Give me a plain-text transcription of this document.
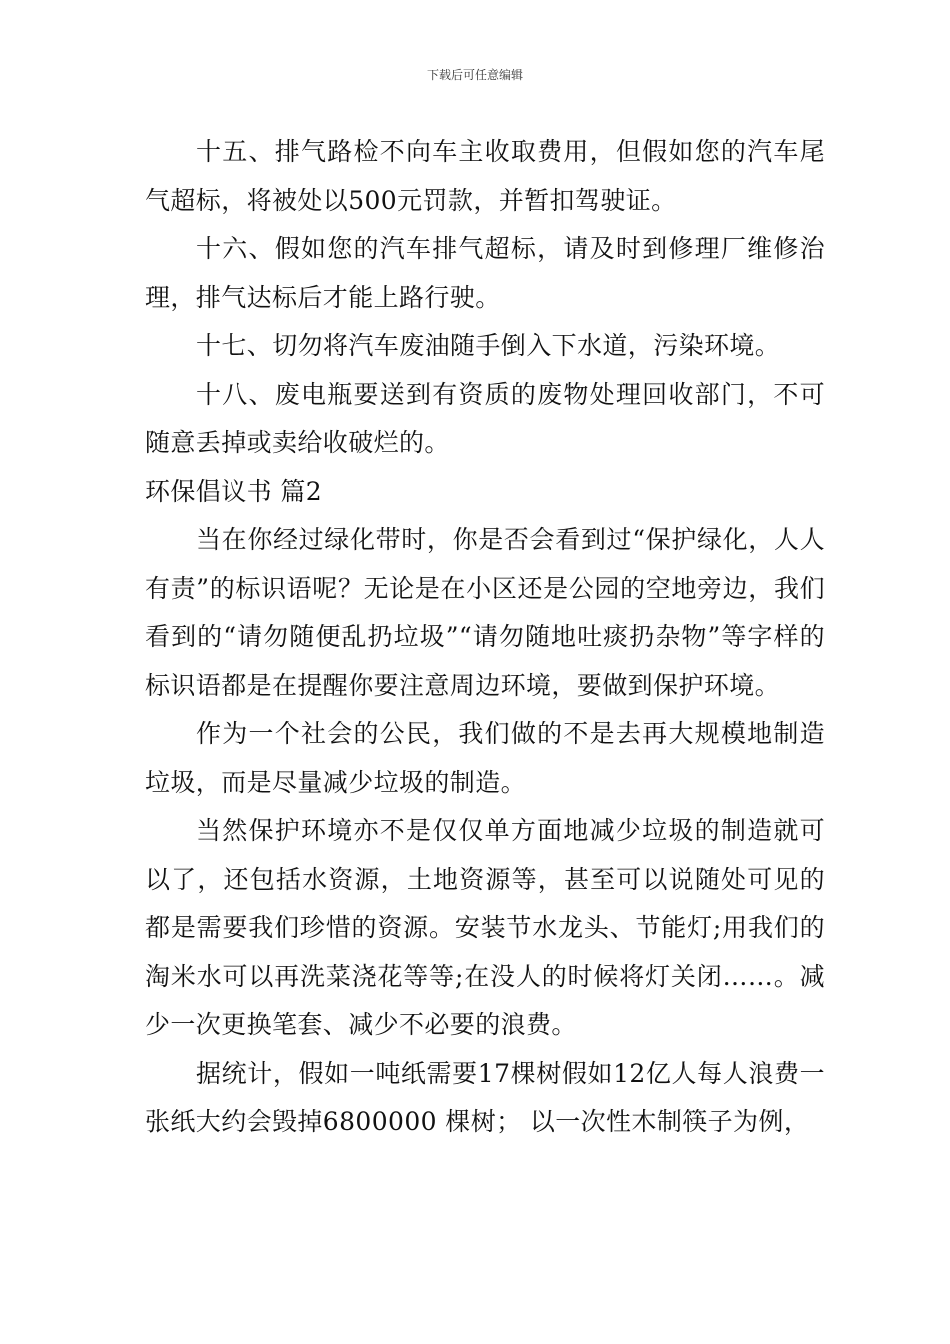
下载后可任意编辑

十五、排气路检不向车主收取费用，但假如您的汽车尾气超标，将被处以500元罚款，并暂扣驾驶证。

十六、假如您的汽车排气超标，请及时到修理厂维修治理，排气达标后才能上路行驶。

十七、切勿将汽车废油随手倒入下水道，污染环境。

十八、废电瓶要送到有资质的废物处理回收部门，不可随意丢掉或卖给收破烂的。

环保倡议书 篇2

当在你经过绿化带时，你是否会看到过“保护绿化，人人有责”的标识语呢？无论是在小区还是公园的空地旁边，我们看到的“请勿随便乱扔垃圾”“请勿随地吐痰扔杂物”等字样的标识语都是在提醒你要注意周边环境，要做到保护环境。

作为一个社会的公民，我们做的不是去再大规模地制造垃圾，而是尽量减少垃圾的制造。

当然保护环境亦不是仅仅单方面地减少垃圾的制造就可以了，还包括水资源，土地资源等，甚至可以说随处可见的都是需要我们珍惜的资源。安装节水龙头、节能灯;用我们的淘米水可以再洗菜浇花等等;在没人的时候将灯关闭……。减少一次更换笔套、减少不必要的浪费。

据统计，假如一吨纸需要17棵树假如12亿人每人浪费一张纸大约会毁掉6800000 棵树； 以一次性木制筷子为例，
